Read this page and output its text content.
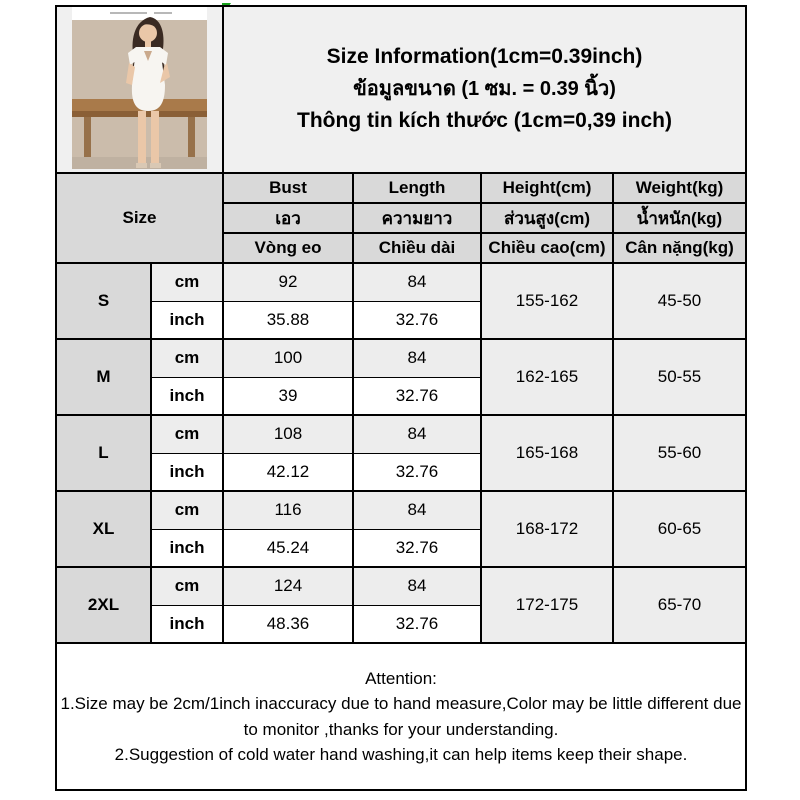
Size Information(1cm=0.39inch)
ข้อมูลขนาด (1 ซม. = 0.39 นิ้ว)
Thông tin kích thước (1cm=0,39 inch)			

Size		Bust	Length	Height(cm)	Weight(kg)
		เอว	ความยาว	ส่วนสูง(cm)	น้ำหนัก(kg)
		Vòng eo	Chiều dài	Chiều cao(cm)	Cân nặng(kg)
S	cm	92	84	155-162	45-50
	inch	35.88	32.76		
M	cm	100	84	162-165	50-55
	inch	39	32.76		
L	cm	108	84	165-168	55-60
	inch	42.12	32.76		
XL	cm	116	84	168-172	60-65
	inch	45.24	32.76		
2XL	cm	124	84	172-175	65-70
	inch	48.36	32.76		

Attention:
1.Size may be 2cm/1inch inaccuracy due to hand measure,Color may be little different due to monitor ,thanks for your understanding.
2.Suggestion of cold water hand washing,it can help items keep their shape.					
